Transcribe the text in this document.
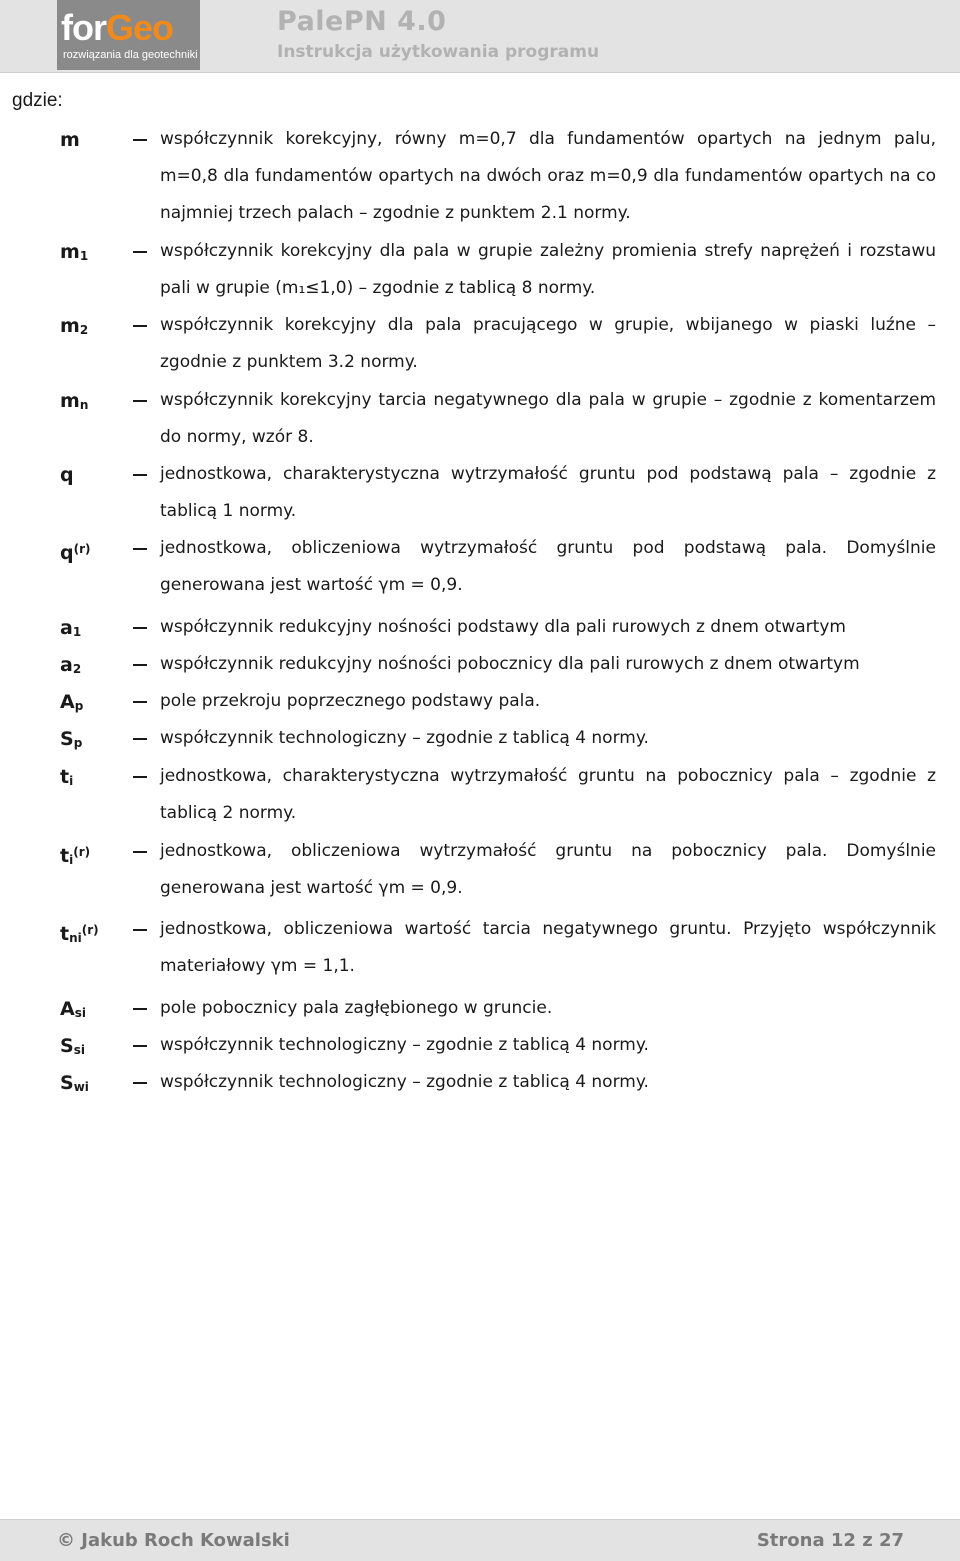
forGeo
rozwiązania dla geotechniki
PalePN 4.0
Instrukcja użytkowania programu
gdzie:
m	współczynnik korekcyjny, równy m=0,7 dla fundamentów opartych na jednym palu, m=0,8 dla fundamentów opartych na dwóch oraz m=0,9 dla fundamentów opartych na co najmniej trzech palach – zgodnie z punktem 2.1 normy.
$m_1$	współczynnik korekcyjny dla pala w grupie zależny promienia strefy naprężeń i rozstawu pali w grupie (m₁≤1,0) – zgodnie z tablicą 8 normy.
$m_2$	współczynnik korekcyjny dla pala pracującego w grupie, wbijanego w piaski luźne – zgodnie z punktem 3.2 normy.
$m_n$	współczynnik korekcyjny tarcia negatywnego dla pala w grupie – zgodnie z komentarzem do normy, wzór 8.
q	jednostkowa, charakterystyczna wytrzymałość gruntu pod podstawą pala – zgodnie z tablicą 1 normy.
$q^{(r)}$	jednostkowa, obliczeniowa wytrzymałość gruntu pod podstawą pala. Domyślnie generowana jest wartość γm = 0,9.
$a_1$	współczynnik redukcyjny nośności podstawy dla pali rurowych z dnem otwartym
$a_2$	współczynnik redukcyjny nośności pobocznicy dla pali rurowych z dnem otwartym
$A_p$	pole przekroju poprzecznego podstawy pala.
$S_p$	współczynnik technologiczny – zgodnie z tablicą 4 normy.
$t_i$	jednostkowa, charakterystyczna wytrzymałość gruntu na pobocznicy pala – zgodnie z tablicą 2 normy.
$t_i^{(r)}$	jednostkowa, obliczeniowa wytrzymałość gruntu na pobocznicy pala. Domyślnie generowana jest wartość γm = 0,9.
$t_{ni}^{(r)}$	jednostkowa, obliczeniowa wartość tarcia negatywnego gruntu. Przyjęto współczynnik materiałowy γm = 1,1.
$A_{si}$	pole pobocznicy pala zagłębionego w gruncie.
$S_{si}$	współczynnik technologiczny – zgodnie z tablicą 4 normy.
$S_{wi}$	współczynnik technologiczny – zgodnie z tablicą 4 normy.
© Jakub Roch Kowalski	Strona 12 z 27
